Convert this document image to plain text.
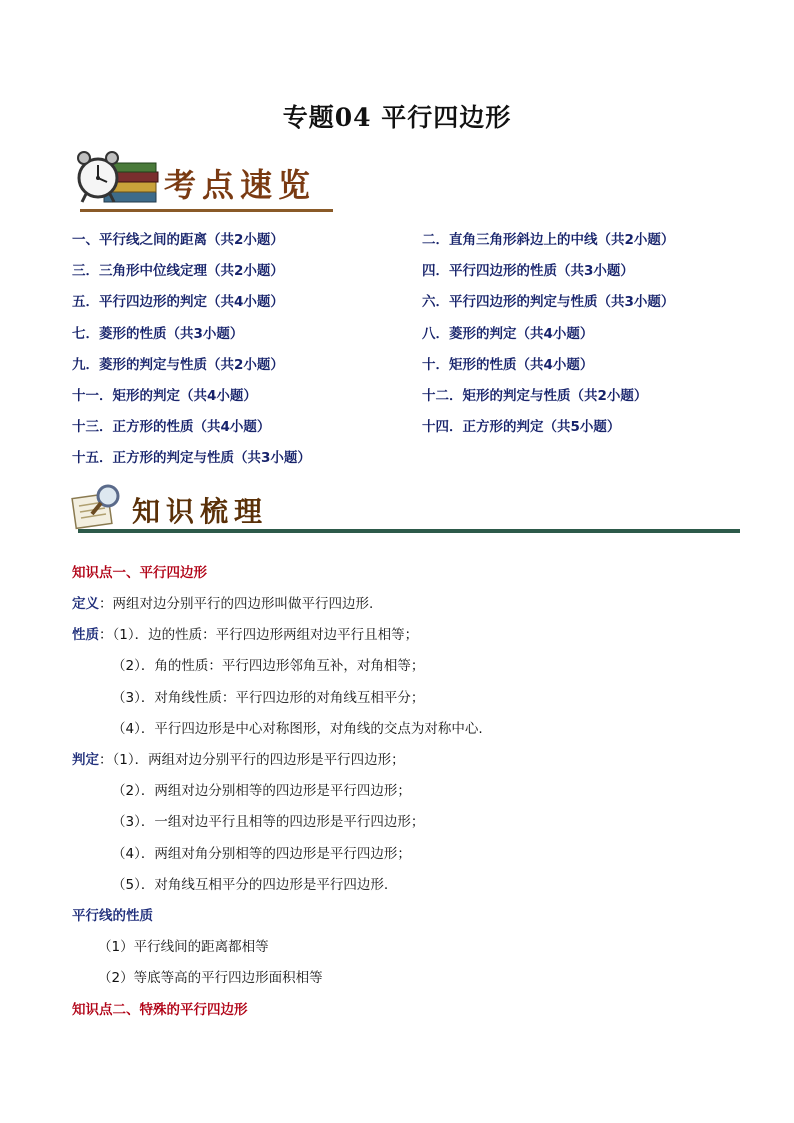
专题04 平行四边形
考点速览
一、平行线之间的距离（共2小题）	二．直角三角形斜边上的中线（共2小题）
三．三角形中位线定理（共2小题）	四．平行四边形的性质（共3小题）
五．平行四边形的判定（共4小题）	六．平行四边形的判定与性质（共3小题）
七．菱形的性质（共3小题）	八．菱形的判定（共4小题）
九．菱形的判定与性质（共2小题）	十．矩形的性质（共4小题）
十一．矩形的判定（共4小题）	十二．矩形的判定与性质（共2小题）
十三．正方形的性质（共4小题）	十四．正方形的判定（共5小题）
十五．正方形的判定与性质（共3小题）
知识梳理
知识点一、平行四边形
定义：两组对边分别平行的四边形叫做平行四边形.
性质：（1）．边的性质：平行四边形两组对边平行且相等；
（2）．角的性质：平行四边形邻角互补，对角相等；
（3）．对角线性质：平行四边形的对角线互相平分；
（4）．平行四边形是中心对称图形，对角线的交点为对称中心.
判定：（1）．两组对边分别平行的四边形是平行四边形；
（2）．两组对边分别相等的四边形是平行四边形；
（3）．一组对边平行且相等的四边形是平行四边形；
（4）．两组对角分别相等的四边形是平行四边形；
（5）．对角线互相平分的四边形是平行四边形.
平行线的性质
（1）平行线间的距离都相等
（2）等底等高的平行四边形面积相等
知识点二、特殊的平行四边形
